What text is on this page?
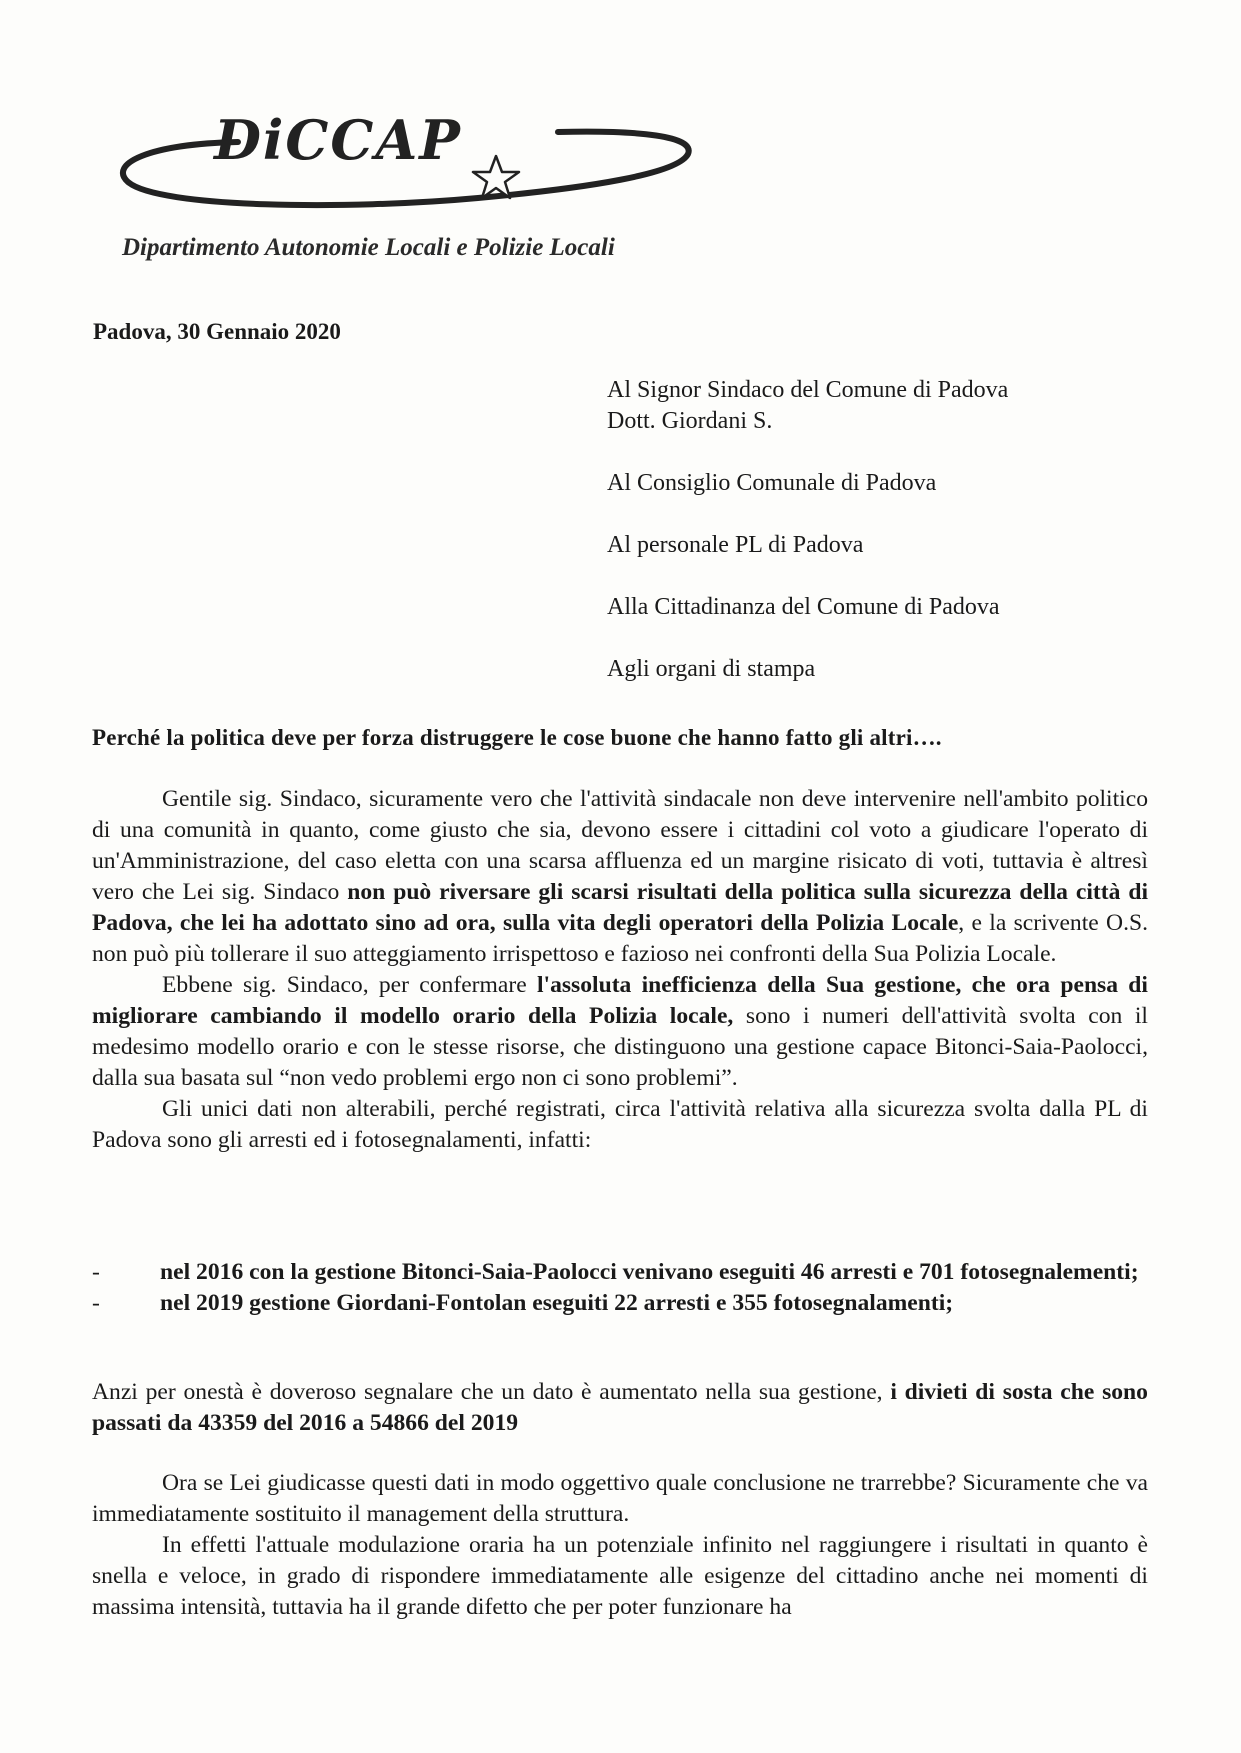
DiCCAP
Dipartimento Autonomie Locali e Polizie Locali
Padova, 30 Gennaio 2020
Al Signor Sindaco del Comune di Padova
Dott. Giordani S.
Al Consiglio Comunale di Padova
Al personale PL di Padova
Alla Cittadinanza del Comune di Padova
Agli organi di stampa
Perché la politica deve per forza distruggere le cose buone che hanno fatto gli altri….

Gentile sig. Sindaco, sicuramente vero che l'attività sindacale non deve intervenire nell'ambito politico di una comunità in quanto, come giusto che sia, devono essere i cittadini col voto a giudicare l'operato di un'Amministrazione, del caso eletta con una scarsa affluenza ed un margine risicato di voti, tuttavia è altresì vero che Lei sig. Sindaco non può riversare gli scarsi risultati della politica sulla sicurezza della città di Padova, che lei ha adottato sino ad ora, sulla vita degli operatori della Polizia Locale, e la scrivente O.S. non può più tollerare il suo atteggiamento irrispettoso e fazioso nei confronti della Sua Polizia Locale.

Ebbene sig. Sindaco, per confermare l'assoluta inefficienza della Sua gestione, che ora pensa di migliorare cambiando il modello orario della Polizia locale, sono i numeri dell'attività svolta con il medesimo modello orario e con le stesse risorse, che distinguono una gestione capace Bitonci-Saia-Paolocci, dalla sua basata sul “non vedo problemi ergo non ci sono problemi”.

Gli unici dati non alterabili, perché registrati, circa l'attività relativa alla sicurezza svolta dalla PL di Padova sono gli arresti ed i fotosegnalamenti, infatti:

-	nel 2016 con la gestione Bitonci-Saia-Paolocci venivano eseguiti 46 arresti e 701 fotosegnalementi;
-	nel 2019 gestione Giordani-Fontolan eseguiti 22 arresti e 355 fotosegnalamenti;

Anzi per onestà è doveroso segnalare che un dato è aumentato nella sua gestione, i divieti di sosta che sono passati da 43359 del 2016 a 54866 del 2019

Ora se Lei giudicasse questi dati in modo oggettivo quale conclusione ne trarrebbe? Sicuramente che va immediatamente sostituito il management della struttura.

In effetti l'attuale modulazione oraria ha un potenziale infinito nel raggiungere i risultati in quanto è snella e veloce, in grado di rispondere immediatamente alle esigenze del cittadino anche nei momenti di massima intensità, tuttavia ha il grande difetto che per poter funzionare ha
